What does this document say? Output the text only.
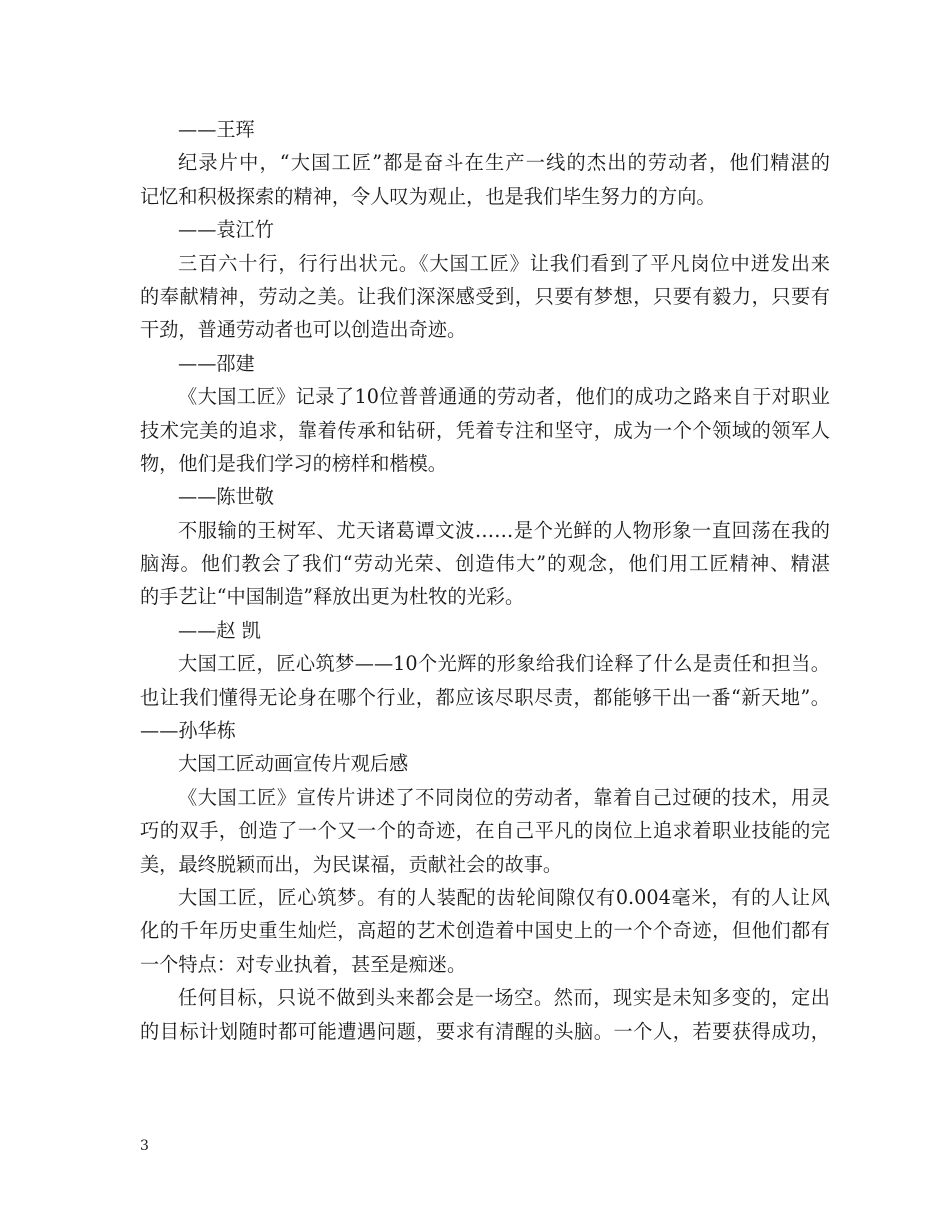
——王珲
纪录片中，“大国工匠”都是奋斗在生产一线的杰出的劳动者，他们精湛的
记忆和积极探索的精神，令人叹为观止，也是我们毕生努力的方向。
——袁江竹
三百六十行，行行出状元。《大国工匠》让我们看到了平凡岗位中迸发出来
的奉献精神，劳动之美。让我们深深感受到，只要有梦想，只要有毅力，只要有
干劲，普通劳动者也可以创造出奇迹。
——邵建
《大国工匠》记录了10位普普通通的劳动者，他们的成功之路来自于对职业
技术完美的追求，靠着传承和钻研，凭着专注和坚守，成为一个个领域的领军人
物，他们是我们学习的榜样和楷模。
——陈世敬
不服输的王树军、尤天诸葛谭文波……是个光鲜的人物形象一直回荡在我的
脑海。他们教会了我们“劳动光荣、创造伟大”的观念，他们用工匠精神、精湛
的手艺让“中国制造”释放出更为杜牧的光彩。
——赵 凯
大国工匠，匠心筑梦——10个光辉的形象给我们诠释了什么是责任和担当。
也让我们懂得无论身在哪个行业，都应该尽职尽责，都能够干出一番“新天地”。
——孙华栋
大国工匠动画宣传片观后感
《大国工匠》宣传片讲述了不同岗位的劳动者，靠着自己过硬的技术，用灵
巧的双手，创造了一个又一个的奇迹，在自己平凡的岗位上追求着职业技能的完
美，最终脱颖而出，为民谋福，贡献社会的故事。
大国工匠，匠心筑梦。有的人装配的齿轮间隙仅有0.004毫米，有的人让风
化的千年历史重生灿烂，高超的艺术创造着中国史上的一个个奇迹，但他们都有
一个特点：对专业执着，甚至是痴迷。
任何目标，只说不做到头来都会是一场空。然而，现实是未知多变的，定出
的目标计划随时都可能遭遇问题，要求有清醒的头脑。一个人，若要获得成功，
3
